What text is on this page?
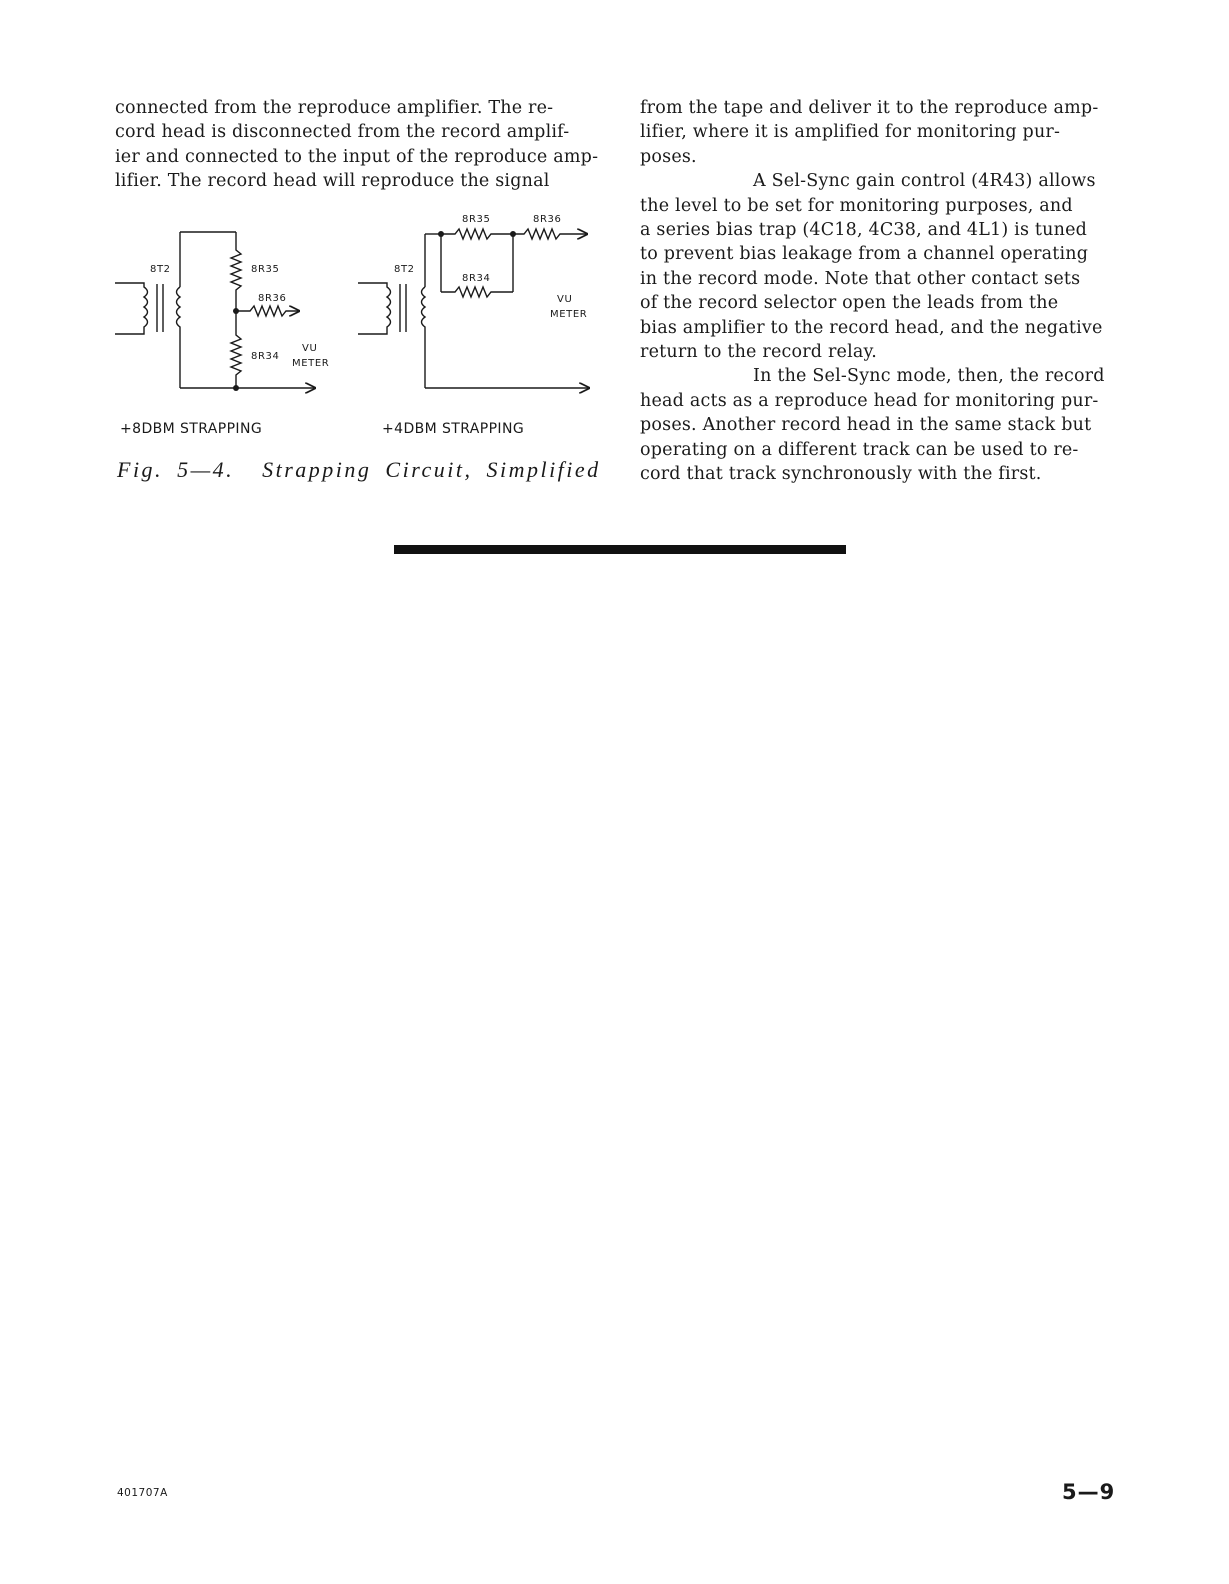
connected from the reproduce amplifier. The re-

cord head is disconnected from the record amplif-

ier and connected to the input of the reproduce amp-

lifier. The record head will reproduce the signal

from the tape and deliver it to the reproduce amp-

lifier, where it is amplified for monitoring pur-

poses.

A Sel-Sync gain control (4R43) allows

the level to be set for monitoring purposes, and

a series bias trap (4C18, 4C38, and 4L1) is tuned

to prevent bias leakage from a channel operating

in the record mode. Note that other contact sets

of the record selector open the leads from the

bias amplifier to the record head, and the negative

return to the record relay.

In the Sel-Sync mode, then, the record

head acts as a reproduce head for monitoring pur-

poses. Another record head in the same stack but

operating on a different track can be used to re-

cord that track synchronously with the first.

8T2	8R35
8R36
8R34
VU
METER
+8DBM STRAPPING
8T2
8R35	8R36
8R34
VU
METER
+4DBM STRAPPING
Fig. 5—4. Strapping Circuit, Simplified
401707A	5—9
